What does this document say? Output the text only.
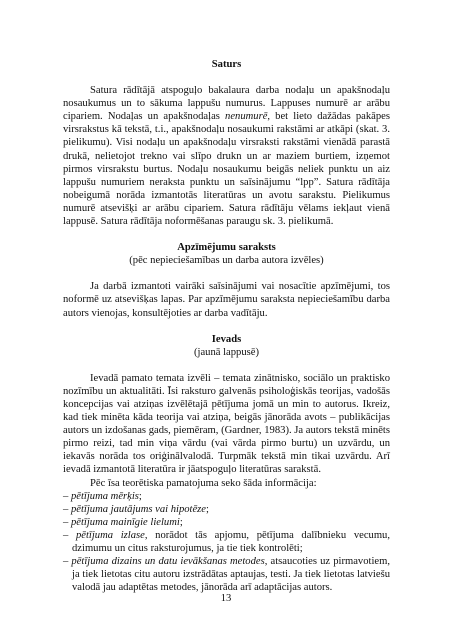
Saturs

Satura rādītājā atspoguļo bakalaura darba nodaļu un apakšnodaļu nosaukumus un to sākuma lappušu numurus. Lappuses numurē ar arābu cipariem. Nodaļas un apakšnodaļas nenumurē, bet lieto dažādas pakāpes virsrakstus kā tekstā, t.i., apakšnodaļu nosaukumi rakstāmi ar atkāpi (skat. 3. pielikumu). Visi nodaļu un apakšnodaļu virsraksti rakstāmi vienādā parastā drukā, nelietojot trekno vai slīpo drukn un ar maziem burtiem, izņemot pirmos virsrakstu burtus. Nodaļu nosaukumu beigās neliek punktu un aiz lappušu numuriem neraksta punktu un saīsinājumu “lpp”. Satura rādītāja nobeigumā norāda izmantotās literatūras un avotu sarakstu. Pielikumus numurē atsevišķi ar arābu cipariem. Satura rādītāju vēlams iekļaut vienā lappusē. Satura rādītāja noformēšanas paraugu sk. 3. pielikumā.

Apzīmējumu saraksts

(pēc nepieciešamības un darba autora izvēles)

Ja darbā izmantoti vairāki saīsinājumi vai nosacītie apzīmējumi, tos noformē uz atsevišķas lapas. Par apzīmējumu saraksta nepieciešamību darba autors vienojas, konsultējoties ar darba vadītāju.

Ievads

(jaunā lappusē)

Ievadā pamato temata izvēli – temata zinātnisko, sociālo un praktisko nozīmību un aktualitāti. Īsi raksturo galvenās psiholoģiskās teorijas, vadošās koncepcijas vai atziņas izvēlētajā pētījuma jomā un min to autorus. Ikreiz, kad tiek minēta kāda teorija vai atziņa, beigās jānorāda avots – publikācijas autors un izdošanas gads, piemēram, (Gardner, 1983). Ja autors tekstā minēts pirmo reizi, tad min viņa vārdu (vai vārda pirmo burtu) un uzvārdu, un iekavās norāda tos oriģinālvalodā. Turpmāk tekstā min tikai uzvārdu. Arī ievadā izmantotā literatūra ir jāatspoguļo literatūras sarakstā.

Pēc īsa teorētiska pamatojuma seko šāda informācija:

– pētījuma mērķis;
– pētījuma jautājums vai hipotēze;
– pētījuma mainīgie lielumi;
– pētījuma izlase, norādot tās apjomu, pētījuma dalībnieku vecumu, dzimumu un citus raksturojumus, ja tie tiek kontrolēti;
– pētījuma dizains un datu ievākšanas metodes, atsaucoties uz pirmavotiem, ja tiek lietotas citu autoru izstrādātas aptaujas, testi. Ja tiek lietotas latviešu valodā jau adaptētas metodes, jānorāda arī adaptācijas autors.
13
